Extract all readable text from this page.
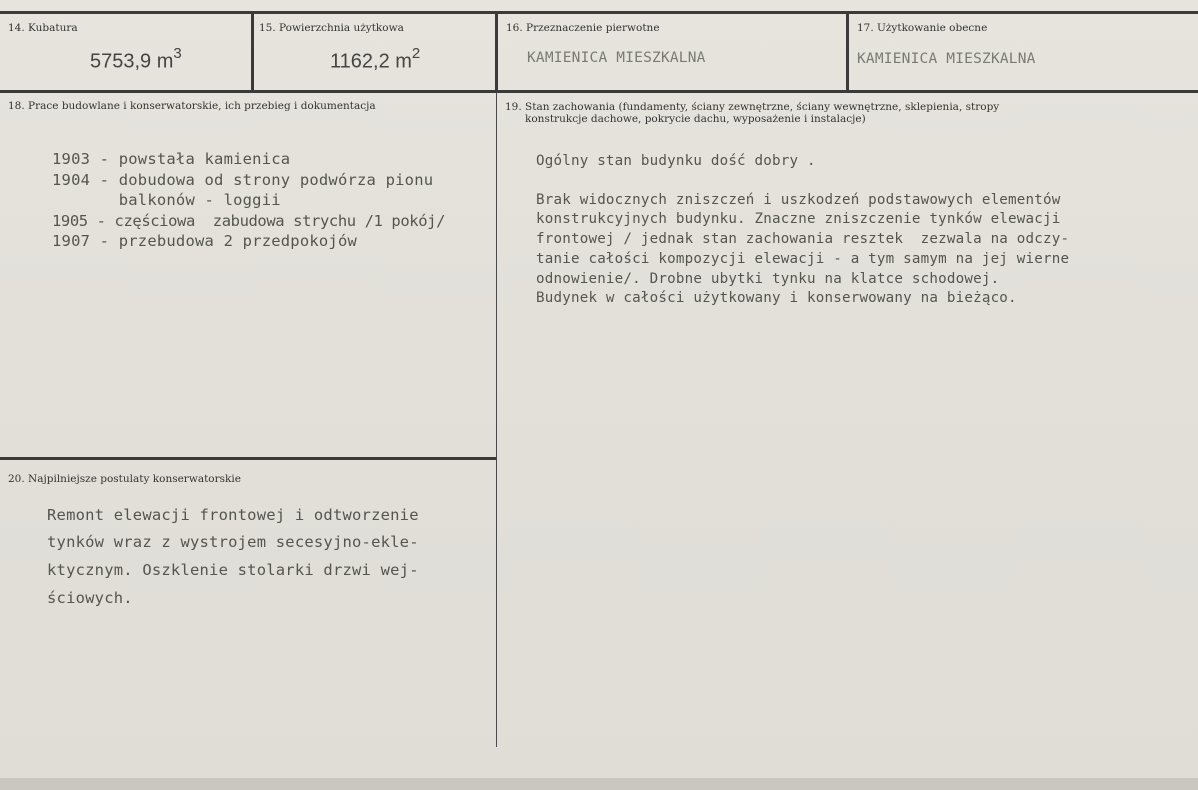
14. Kubatura
5753,9 $m^3$
15. Powierzchnia użytkowa
1162,2 $m^2$
16. Przeznaczenie pierwotne
KAMIENICA MIESZKALNA
17. Użytkowanie obecne
KAMIENICA MIESZKALNA
18. Prace budowlane i konserwatorskie, ich przebieg i dokumentacja
1903 - powstała kamienica
1904 - dobudowa od strony podwórza pionu
balkonów - loggii
1905 - częściowa  zabudowa strychu /1 pokój/
1907 - przebudowa 2 przedpokojów
19. Stan zachowania (fundamenty, ściany zewnętrzne, ściany wewnętrzne, sklepienia, stropy
konstrukcje dachowe, pokrycie dachu, wyposażenie i instalacje)
Ogólny stan budynku dość dobry .
Brak widocznych zniszczeń i uszkodzeń podstawowych elementów
konstrukcyjnych budynku. Znaczne zniszczenie tynków elewacji
frontowej / jednak stan zachowania resztek  zezwala na odczy-
tanie całości kompozycji elewacji - a tym samym na jej wierne
odnowienie/. Drobne ubytki tynku na klatce schodowej.
Budynek w całości użytkowany i konserwowany na bieżąco.
20. Najpilniejsze postulaty konserwatorskie
Remont elewacji frontowej i odtworzenie
tynków wraz z wystrojem secesyjno-ekle-
ktycznym. Oszklenie stolarki drzwi wej-
ściowych.
